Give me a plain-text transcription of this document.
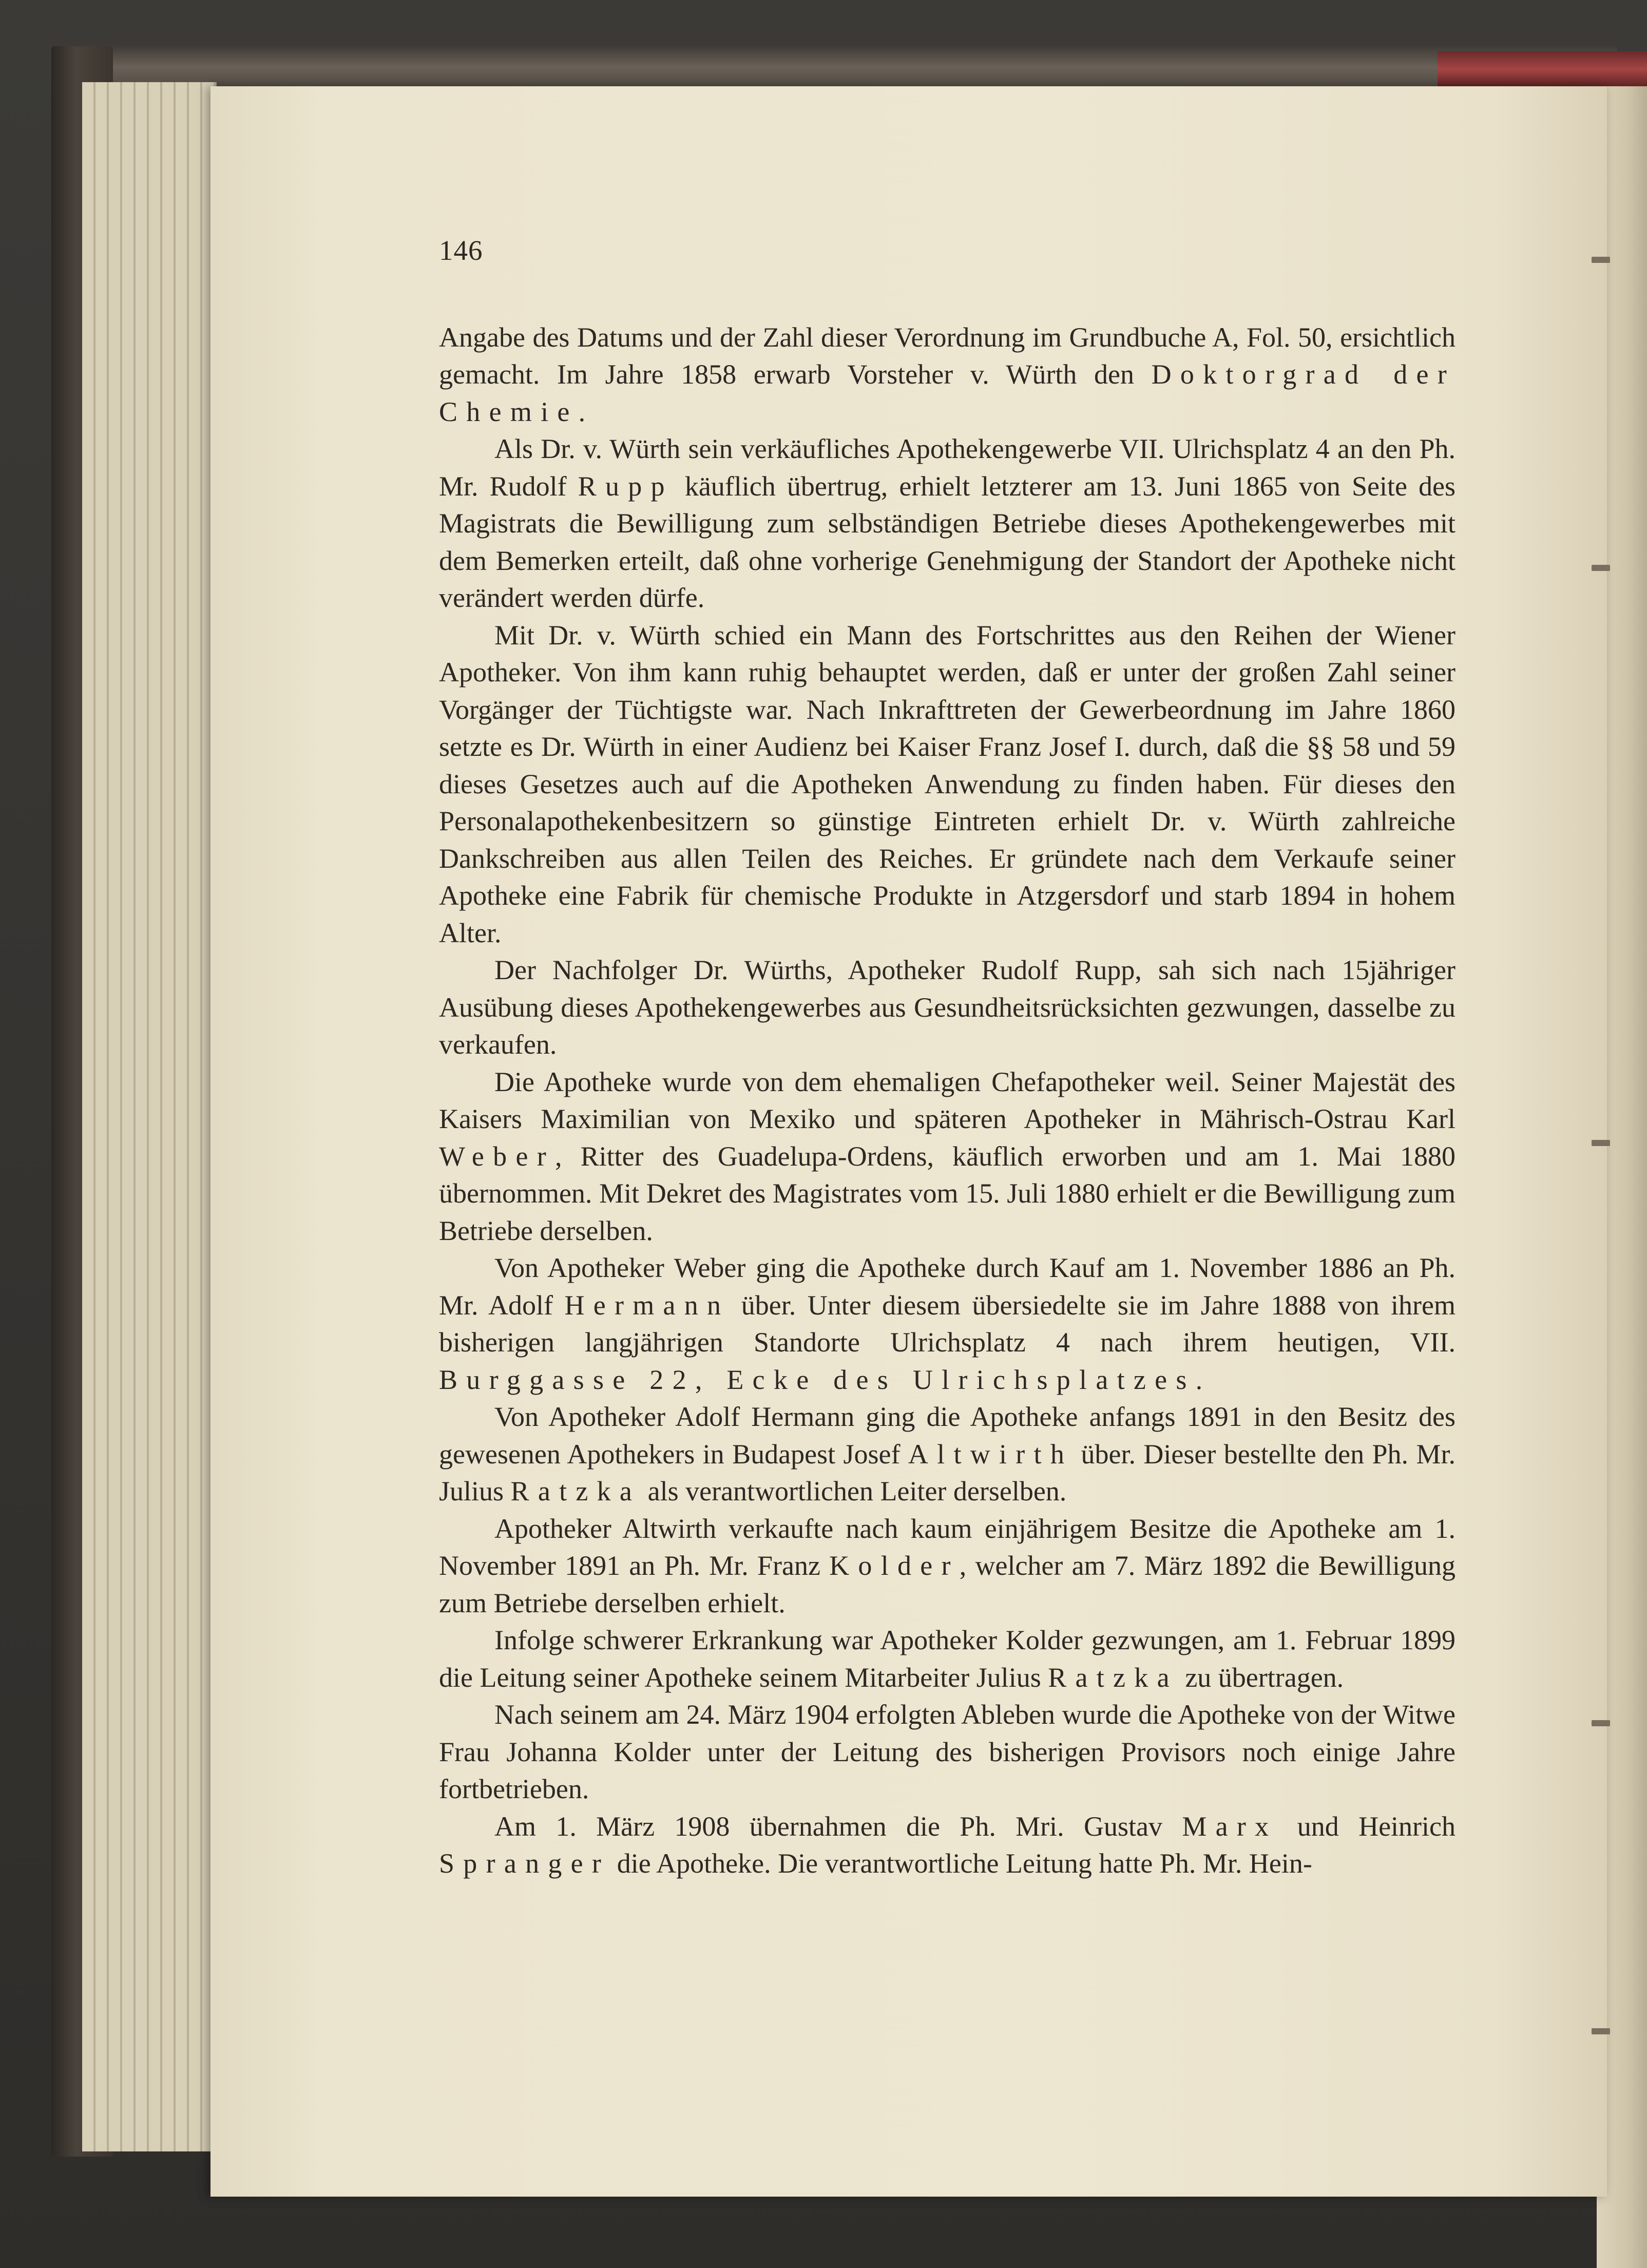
146

Angabe des Datums und der Zahl dieser Verordnung im Grundbuche A, Fol. 50, ersichtlich gemacht. Im Jahre 1858 erwarb Vorsteher v. Würth den Doktorgrad der Chemie.

Als Dr. v. Würth sein verkäufliches Apothekengewerbe VII. Ulrichsplatz 4 an den Ph. Mr. Rudolf Rupp käuflich übertrug, erhielt letzterer am 13. Juni 1865 von Seite des Magistrats die Bewilligung zum selbständigen Betriebe dieses Apothekengewerbes mit dem Bemerken erteilt, daß ohne vorherige Genehmigung der Standort der Apotheke nicht verändert werden dürfe.

Mit Dr. v. Würth schied ein Mann des Fortschrittes aus den Reihen der Wiener Apotheker. Von ihm kann ruhig behauptet werden, daß er unter der großen Zahl seiner Vorgänger der Tüchtigste war. Nach Inkrafttreten der Gewerbeordnung im Jahre 1860 setzte es Dr. Würth in einer Audienz bei Kaiser Franz Josef I. durch, daß die §§ 58 und 59 dieses Gesetzes auch auf die Apotheken Anwendung zu finden haben. Für dieses den Personalapothekenbesitzern so günstige Eintreten erhielt Dr. v. Würth zahlreiche Dankschreiben aus allen Teilen des Reiches. Er gründete nach dem Verkaufe seiner Apotheke eine Fabrik für chemische Produkte in Atzgersdorf und starb 1894 in hohem Alter.

Der Nachfolger Dr. Würths, Apotheker Rudolf Rupp, sah sich nach 15jähriger Ausübung dieses Apothekengewerbes aus Gesundheitsrücksichten gezwungen, dasselbe zu verkaufen.

Die Apotheke wurde von dem ehemaligen Chefapotheker weil. Seiner Majestät des Kaisers Maximilian von Mexiko und späteren Apotheker in Mährisch-Ostrau Karl Weber, Ritter des Guadelupa-Ordens, käuflich erworben und am 1. Mai 1880 übernommen. Mit Dekret des Magistrates vom 15. Juli 1880 erhielt er die Bewilligung zum Betriebe derselben.

Von Apotheker Weber ging die Apotheke durch Kauf am 1. November 1886 an Ph. Mr. Adolf Hermann über. Unter diesem übersiedelte sie im Jahre 1888 von ihrem bisherigen langjährigen Standorte Ulrichsplatz 4 nach ihrem heutigen, VII. Burggasse 22, Ecke des Ulrichsplatzes.

Von Apotheker Adolf Hermann ging die Apotheke anfangs 1891 in den Besitz des gewesenen Apothekers in Budapest Josef Altwirth über. Dieser bestellte den Ph. Mr. Julius Ratzka als verantwortlichen Leiter derselben.

Apotheker Altwirth verkaufte nach kaum einjährigem Besitze die Apotheke am 1. November 1891 an Ph. Mr. Franz Kolder, welcher am 7. März 1892 die Bewilligung zum Betriebe derselben erhielt.

Infolge schwerer Erkrankung war Apotheker Kolder gezwungen, am 1. Februar 1899 die Leitung seiner Apotheke seinem Mitarbeiter Julius Ratzka zu übertragen.

Nach seinem am 24. März 1904 erfolgten Ableben wurde die Apotheke von der Witwe Frau Johanna Kolder unter der Leitung des bisherigen Provisors noch einige Jahre fortbetrieben.

Am 1. März 1908 übernahmen die Ph. Mri. Gustav Marx und Heinrich Spranger die Apotheke. Die verantwortliche Leitung hatte Ph. Mr. Hein-
